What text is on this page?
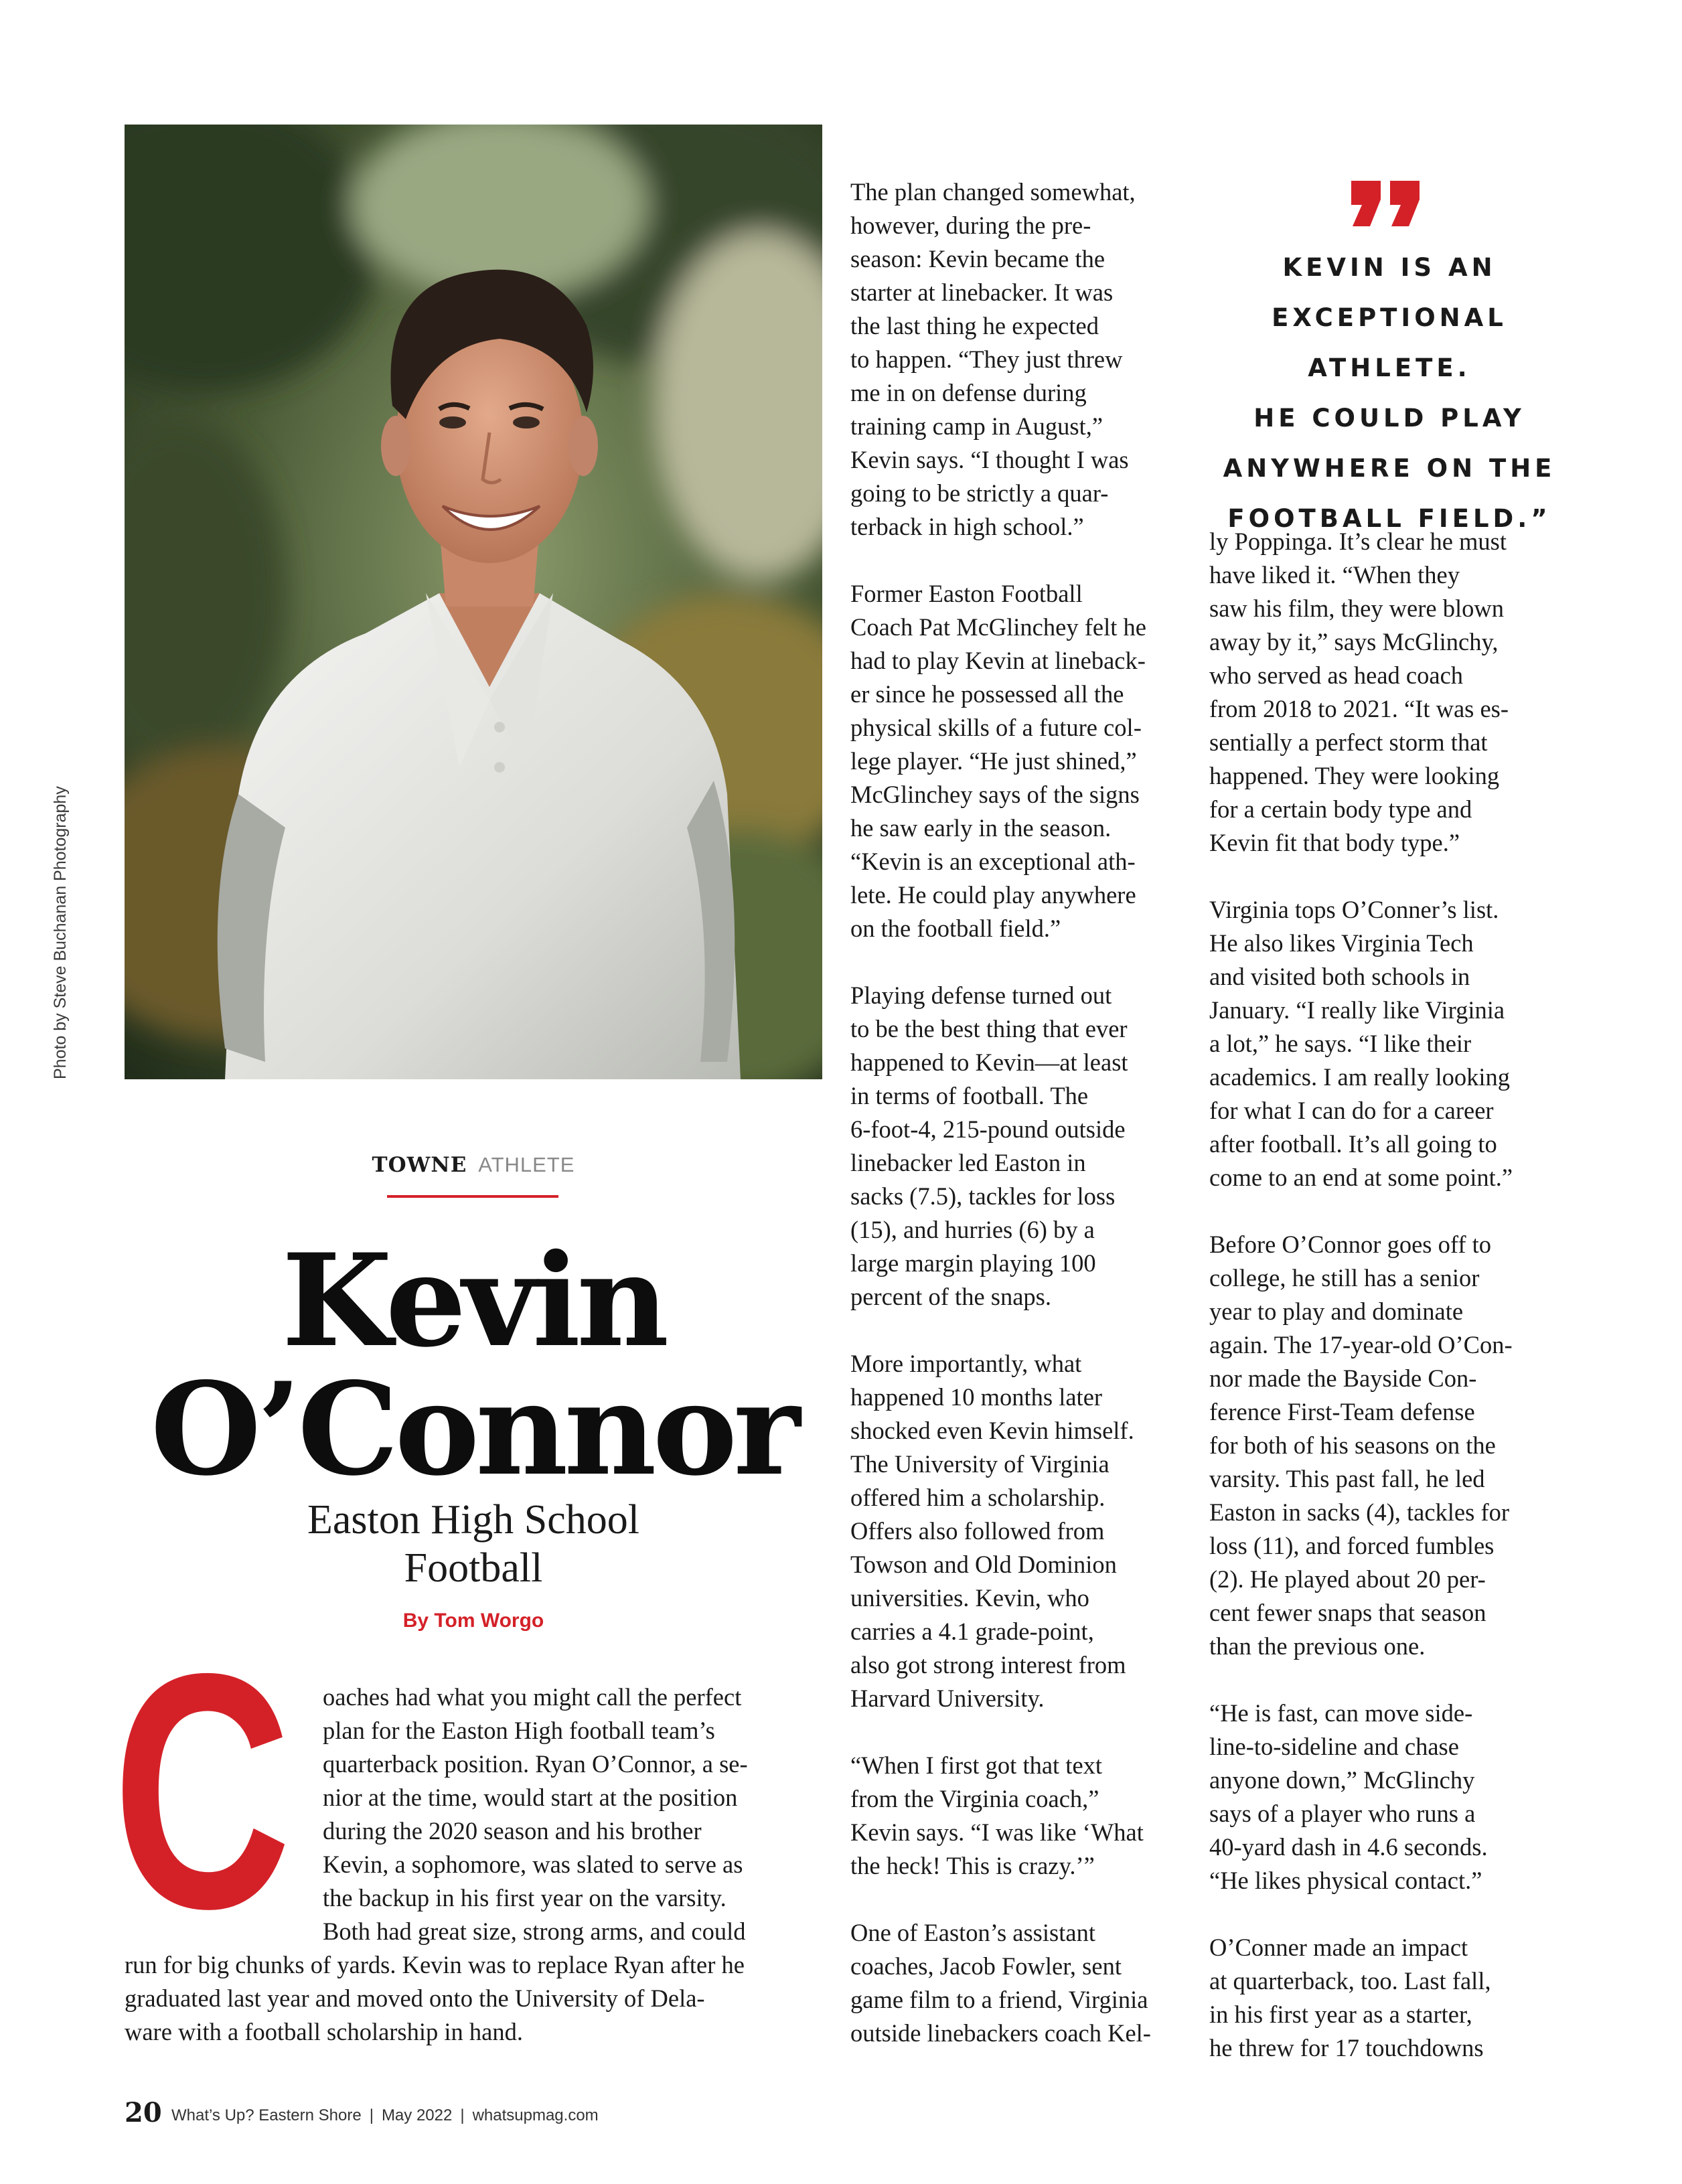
Photo by Steve Buchanan Photography
TOWNE ATHLETE
Kevin
O’Connor
Easton High School
Football
By Tom Worgo
C	oaches had what you might call the perfect
plan for the Easton High football team’s
quarterback position. Ryan O’Connor, a se-
nior at the time, would start at the position
during the 2020 season and his brother
Kevin, a sophomore, was slated to serve as
the backup in his first year on the varsity.
Both had great size, strong arms, and could
run for big chunks of yards. Kevin was to replace Ryan after he
graduated last year and moved onto the University of Dela-
ware with a football scholarship in hand.

The plan changed somewhat,
however, during the pre-
season: Kevin became the
starter at linebacker. It was
the last thing he expected
to happen. “They just threw
me in on defense during
training camp in August,”
Kevin says. “I thought I was
going to be strictly a quar-
terback in high school.”

Former Easton Football
Coach Pat McGlinchey felt he
had to play Kevin at lineback-
er since he possessed all the
physical skills of a future col-
lege player. “He just shined,”
McGlinchey says of the signs
he saw early in the season.
“Kevin is an exceptional ath-
lete. He could play anywhere
on the football field.”

Playing defense turned out
to be the best thing that ever
happened to Kevin—at least
in terms of football. The
6-foot-4, 215-pound outside
linebacker led Easton in
sacks (7.5), tackles for loss
(15), and hurries (6) by a
large margin playing 100
percent of the snaps.

More importantly, what
happened 10 months later
shocked even Kevin himself.
The University of Virginia
offered him a scholarship.
Offers also followed from
Towson and Old Dominion
universities. Kevin, who
carries a 4.1 grade-point,
also got strong interest from
Harvard University.

“When I first got that text
from the Virginia coach,”
Kevin says. “I was like ‘What
the heck! This is crazy.’”

One of Easton’s assistant
coaches, Jacob Fowler, sent
game film to a friend, Virginia
outside linebackers coach Kel-

KEVIN IS AN
EXCEPTIONAL ATHLETE.
HE COULD PLAY
ANYWHERE ON THE
FOOTBALL FIELD.”

ly Poppinga. It’s clear he must
have liked it. “When they
saw his film, they were blown
away by it,” says McGlinchy,
who served as head coach
from 2018 to 2021. “It was es-
sentially a perfect storm that
happened. They were looking
for a certain body type and
Kevin fit that body type.”

Virginia tops O’Conner’s list.
He also likes Virginia Tech
and visited both schools in
January. “I really like Virginia
a lot,” he says. “I like their
academics. I am really looking
for what I can do for a career
after football. It’s all going to
come to an end at some point.”

Before O’Connor goes off to
college, he still has a senior
year to play and dominate
again. The 17-year-old O’Con-
nor made the Bayside Con-
ference First-Team defense
for both of his seasons on the
varsity. This past fall, he led
Easton in sacks (4), tackles for
loss (11), and forced fumbles
(2). He played about 20 per-
cent fewer snaps that season
than the previous one.

“He is fast, can move side-
line-to-sideline and chase
anyone down,” McGlinchy
says of a player who runs a
40-yard dash in 4.6 seconds.
“He likes physical contact.”

O’Conner made an impact
at quarterback, too. Last fall,
in his first year as a starter,
he threw for 17 touchdowns

20 What’s Up? Eastern Shore | May 2022 | whatsupmag.com
